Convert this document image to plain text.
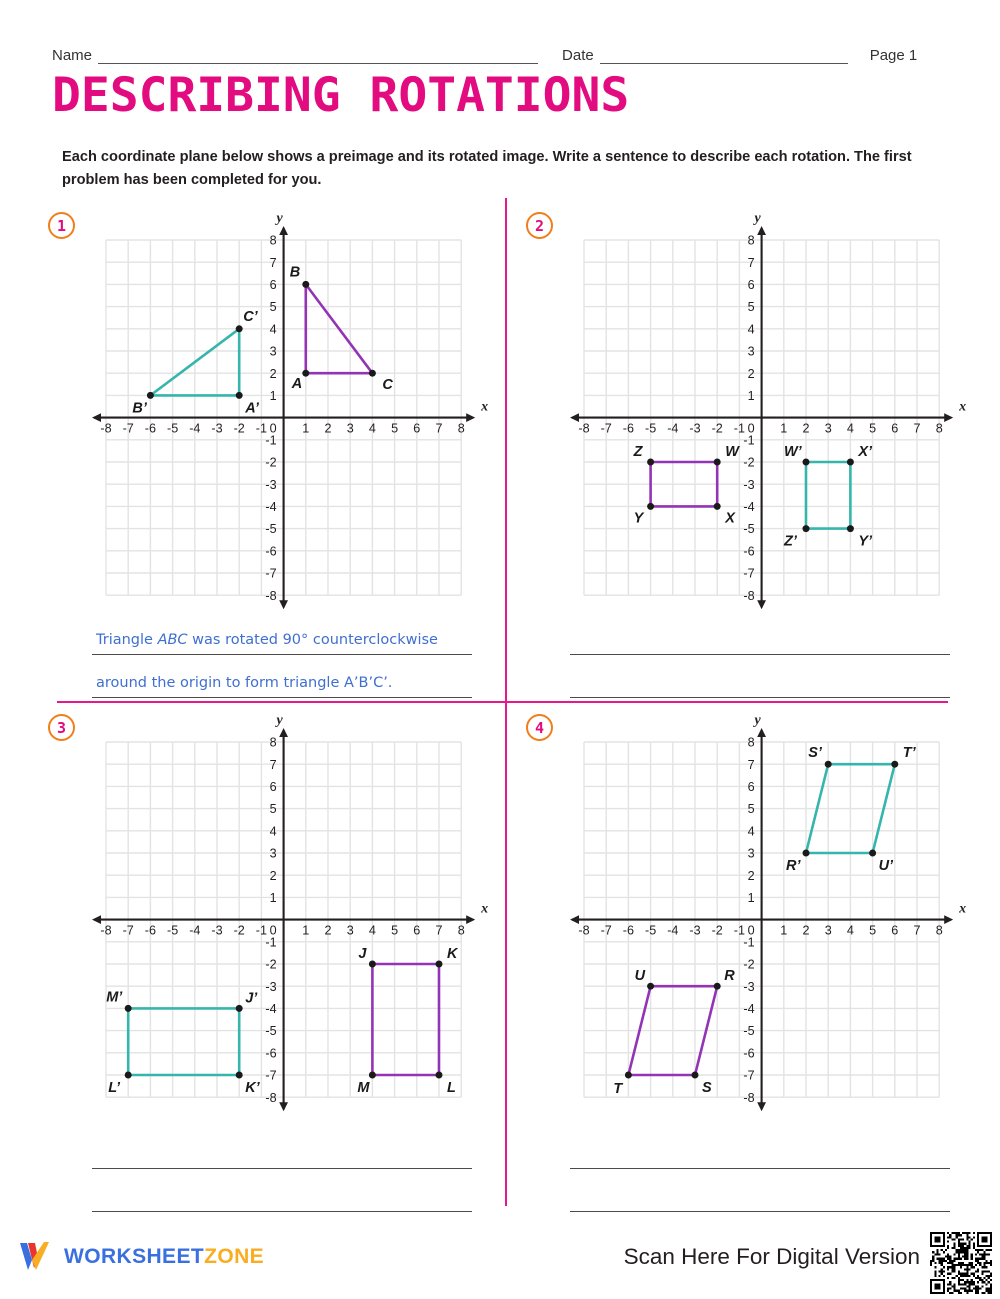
Name	Date	Page 1
DESCRIBING ROTATIONS
Each coordinate plane below shows a preimage and its rotated image. Write a sentence to describe each rotation. The first problem has been completed for you.
1
-8
-8
-7
-7
-6
-6
-5
-5
-4
-4
-3
-3
-2
-2
-1
-1
1
1
2
2
3
3
4
4
5
5
6
6
7
7
8
8
0
x
y
A
B
C
A’
B’
C’
Triangle ABC was rotated 90° counterclockwise
around the origin to form triangle A’B’C’.
2
-8
-8
-7
-7
-6
-6
-5
-5
-4
-4
-3
-3
-2
-2
-1
-1
1
1
2
2
3
3
4
4
5
5
6
6
7
7
8
8
0
x
y
W
X
Y
Z	W’	X’
Y’
Z’
3
-8
-8
-7
-7
-6
-6
-5
-5
-4
-4
-3
-3
-2
-2
-1
-1
1
1
2
2
3
3
4
4
5
5
6
6
7
7
8
8
0
x
y
J	K
L
M
J’
K’
L’
M’
4
-8
-8
-7
-7
-6
-6
-5
-5
-4
-4
-3
-3
-2
-2
-1
-1
1
1
2
2
3
3
4
4
5
5
6
6
7
7
8
8
0
x
y
R
S
T
U
R’
S’	T’
U’
WORKSHEETZONE	Scan Here For Digital Version
